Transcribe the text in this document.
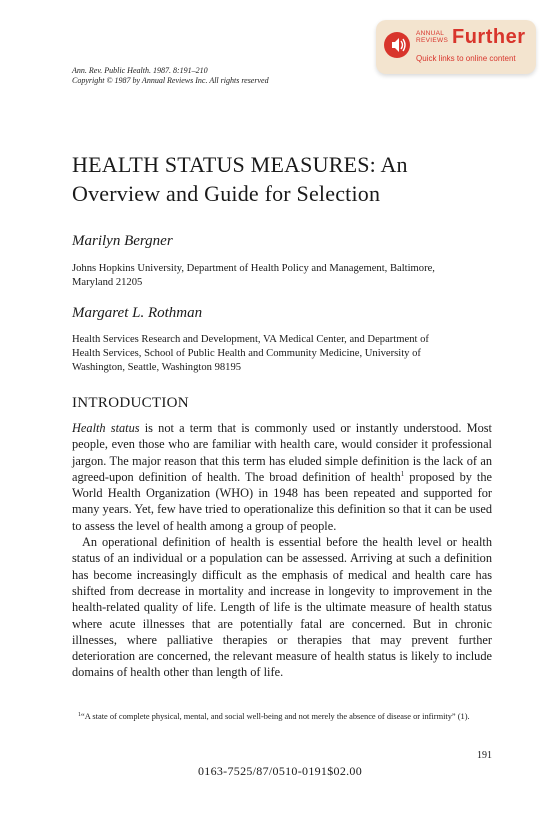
ANNUAL
REVIEWS Further
Quick links to online content
Ann. Rev. Public Health. 1987. 8:191–210
Copyright © 1987 by Annual Reviews Inc. All rights reserved
HEALTH STATUS MEASURES: An
Overview and Guide for Selection
Marilyn Bergner
Johns Hopkins University, Department of Health Policy and Management, Baltimore,
Maryland 21205
Margaret L. Rothman
Health Services Research and Development, VA Medical Center, and Department of
Health Services, School of Public Health and Community Medicine, University of
Washington, Seattle, Washington 98195
INTRODUCTION

Health status is not a term that is commonly used or instantly understood. Most people, even those who are familiar with health care, would consider it professional jargon. The major reason that this term has eluded simple definition is the lack of an agreed-upon definition of health. The broad definition of health$^1$ proposed by the World Health Organization (WHO) in 1948 has been repeated and supported for many years. Yet, few have tried to operationalize this definition so that it can be used to assess the level of health among a group of people.

An operational definition of health is essential before the health level or health status of an individual or a population can be assessed. Arriving at such a definition has become increasingly difficult as the emphasis of medical and health care has shifted from decrease in mortality and increase in longevity to improvement in the health-related quality of life. Length of life is the ultimate measure of health status where acute illnesses that are potentially fatal are concerned. But in chronic illnesses, where palliative therapies or therapies that may prevent further deterioration are concerned, the relevant measure of health status is likely to include domains of health other than length of life.

$^1$“A state of complete physical, mental, and social well-being and not merely the absence of disease or infirmity” (1).
191
0163-7525/87/0510-0191$02.00
